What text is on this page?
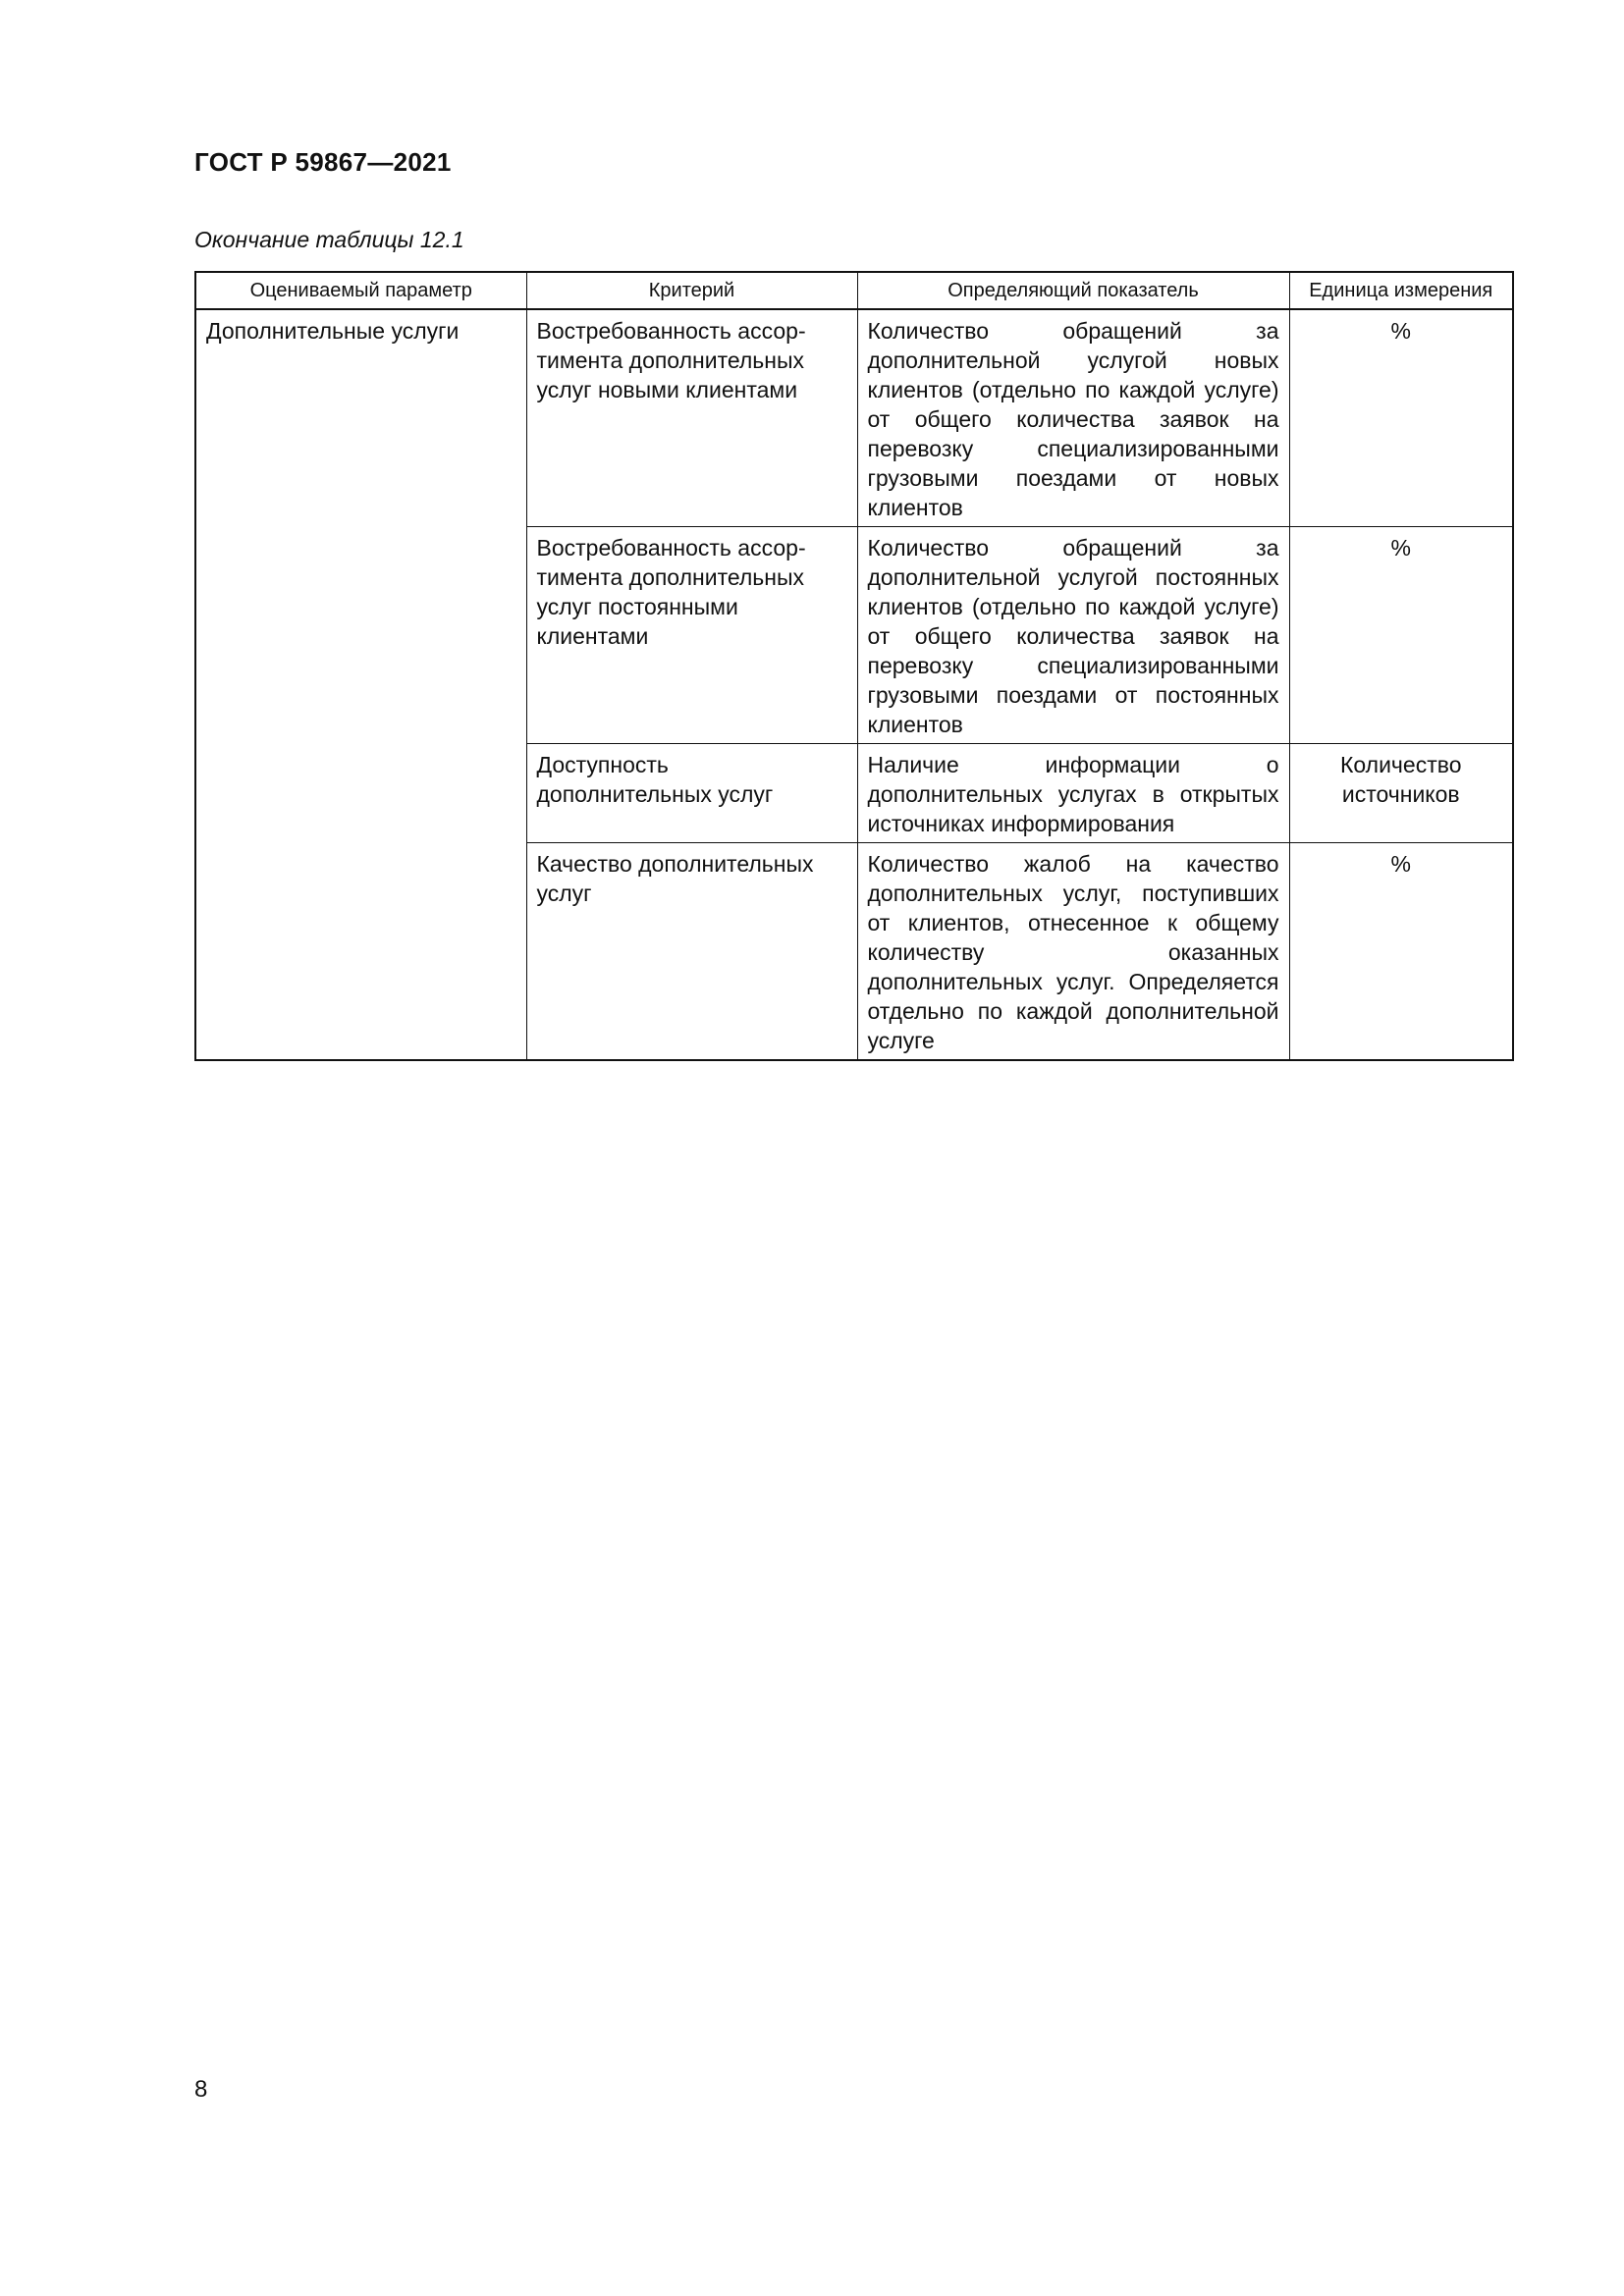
ГОСТ Р 59867—2021
Окончание таблицы 12.1
Оцениваемый параметр	Критерий	Определяющий показатель	Единица измерения
Дополнительные услуги	Востребованность ассор-тимента дополнительных услуг новыми клиентами	Количество обращений за дополнительной услугой новых клиентов (отдельно по каждой услуге) от общего количества заявок на перевозку специализированными грузовыми поездами от новых клиентов	%
	Востребованность ассор-тимента дополнительных услуг постоянными клиентами	Количество обращений за дополнительной услугой постоянных клиентов (отдельно по каждой услуге) от общего количества заявок на перевозку специализированными грузовыми поездами от постоянных клиентов	%
	Доступность дополнительных услуг	Наличие информации о дополнительных услугах в открытых источниках информирования	Количество источников
	Качество дополнительных услуг	Количество жалоб на качество дополнительных услуг, поступивших от клиентов, отнесенное к общему количеству оказанных дополнительных услуг. Определяется отдельно по каждой дополнительной услуге	%
8
